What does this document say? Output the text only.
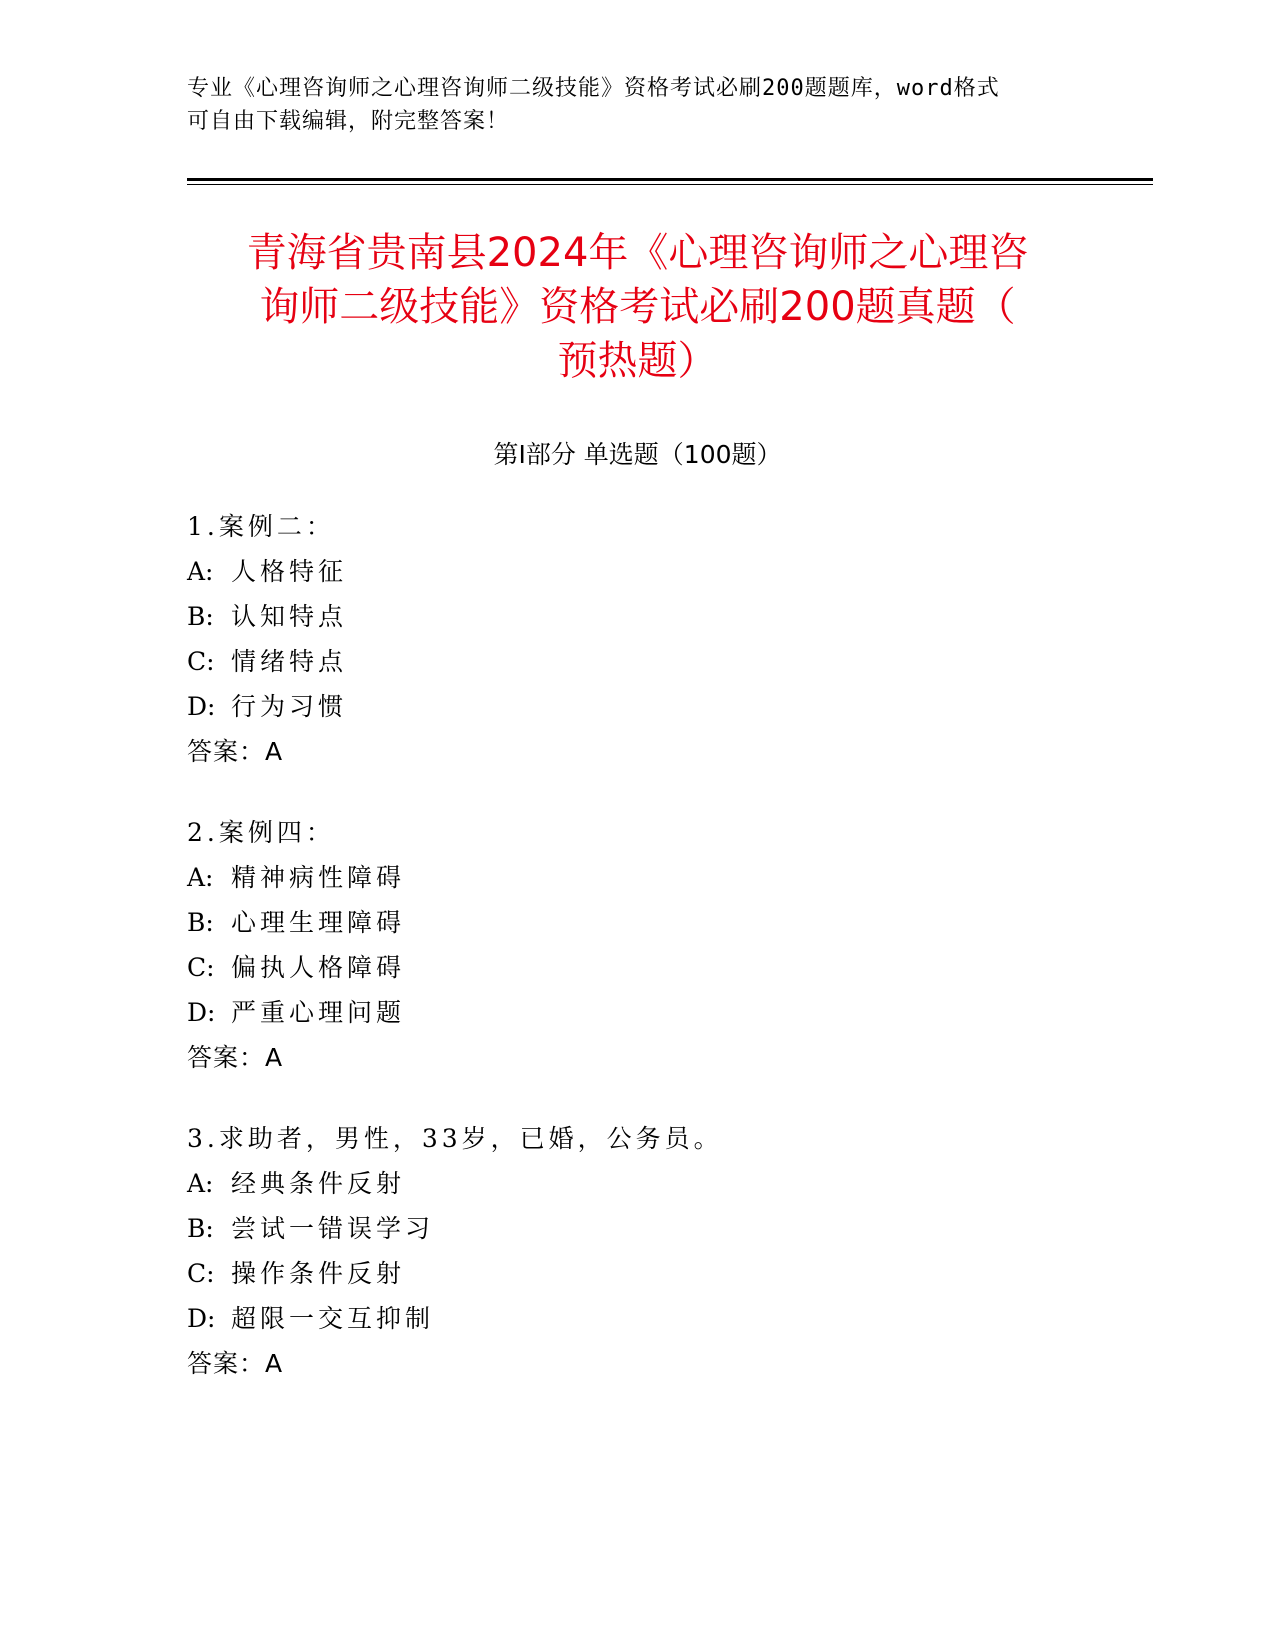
专业《心理咨询师之心理咨询师二级技能》资格考试必刷200题题库，word格式
可自由下载编辑，附完整答案！
青海省贵南县2024年《心理咨询师之心理咨
询师二级技能》资格考试必刷200题真题（
预热题）
第Ⅰ部分 单选题（100题）
1.案例二：
A: 人格特征
B: 认知特点
C: 情绪特点
D: 行为习惯
答案：A
2.案例四：
A: 精神病性障碍
B: 心理生理障碍
C: 偏执人格障碍
D: 严重心理问题
答案：A
3.求助者，男性，33岁，已婚，公务员。
A: 经典条件反射
B: 尝试一错误学习
C: 操作条件反射
D: 超限一交互抑制
答案：A
